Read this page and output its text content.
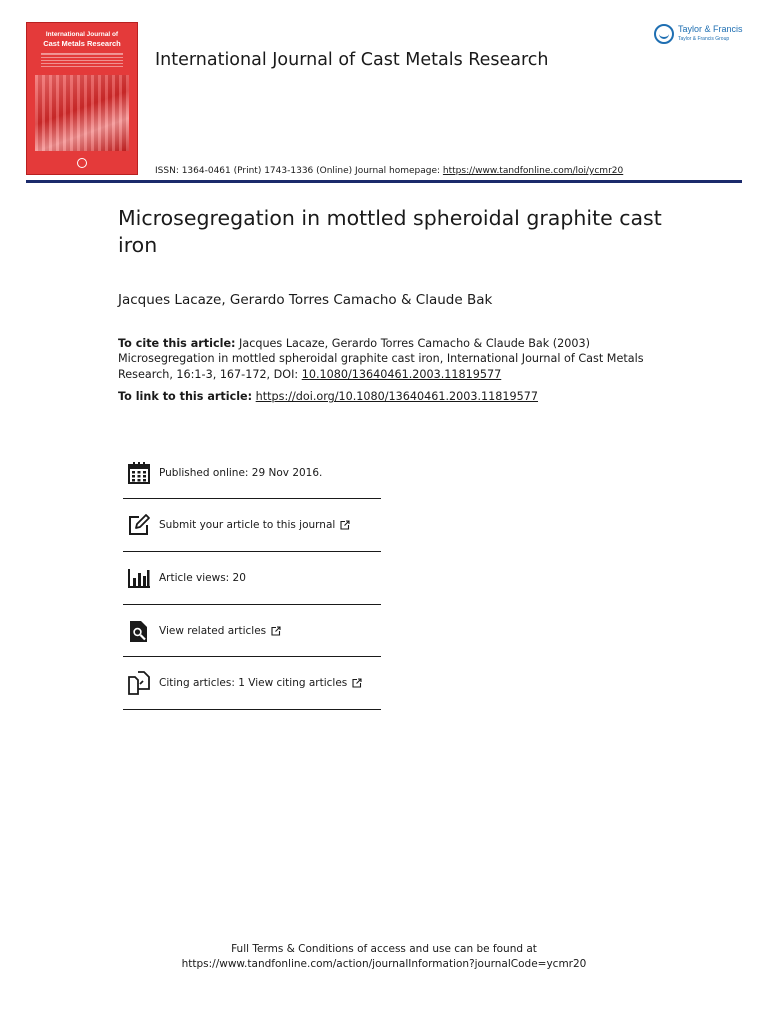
International Journal of
Cast Metals Research
International Journal of Cast Metals Research
Taylor & Francis
Taylor & Francis Group
ISSN: 1364-0461 (Print) 1743-1336 (Online) Journal homepage: https://www.tandfonline.com/loi/ycmr20
Microsegregation in mottled spheroidal graphite cast iron
Jacques Lacaze, Gerardo Torres Camacho & Claude Bak
To cite this article: Jacques Lacaze, Gerardo Torres Camacho & Claude Bak (2003) Microsegregation in mottled spheroidal graphite cast iron, International Journal of Cast Metals Research, 16:1-3, 167-172, DOI: 10.1080/13640461.2003.11819577
To link to this article: https://doi.org/10.1080/13640461.2003.11819577
Published online: 29 Nov 2016.
Submit your article to this journal
Article views: 20
View related articles
Citing articles: 1 View citing articles
Full Terms & Conditions of access and use can be found at
https://www.tandfonline.com/action/journalInformation?journalCode=ycmr20
